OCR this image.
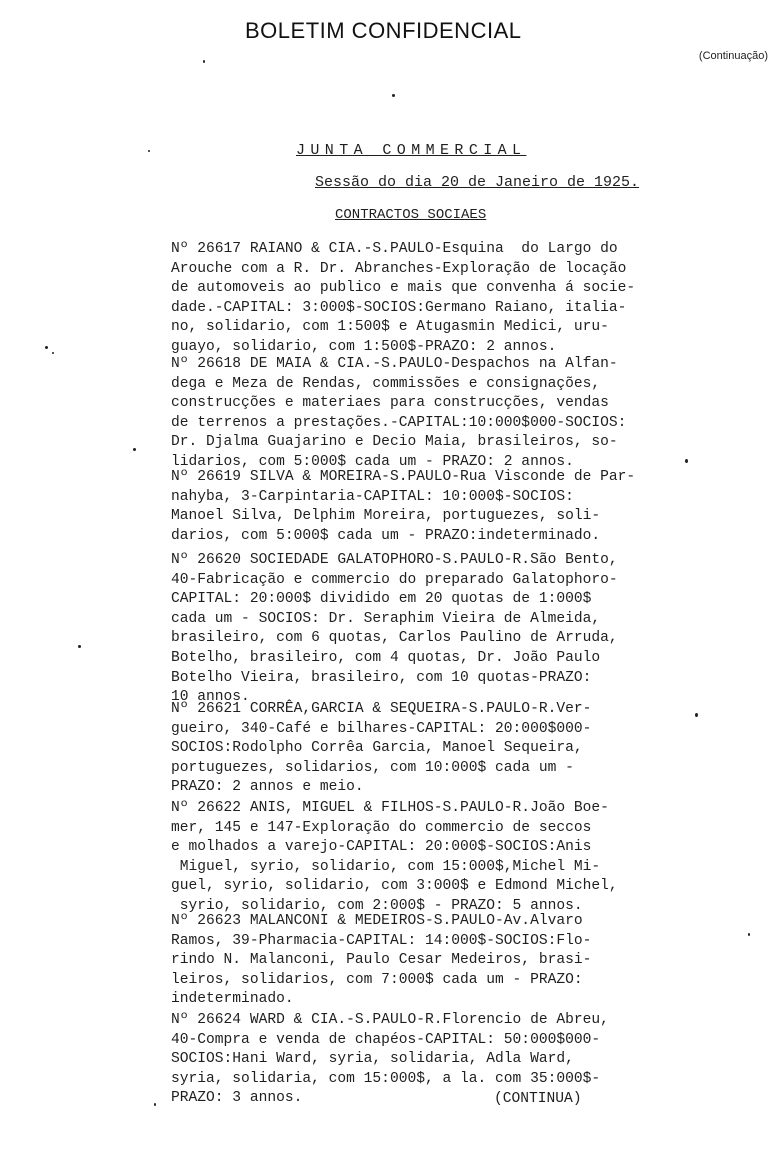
BOLETIM CONFIDENCIAL
(Continuação)
JUNTA COMMERCIAL
Sessão do dia 20 de Janeiro de 1925.
CONTRACTOS SOCIAES
Nº 26617 RAIANO & CIA.-S.PAULO-Esquina  do Largo do
Arouche com a R. Dr. Abranches-Exploração de locação
de automoveis ao publico e mais que convenha á socie-
dade.-CAPITAL: 3:000$-SOCIOS:Germano Raiano, italia-
no, solidario, com 1:500$ e Atugasmin Medici, uru-
guayo, solidario, com 1:500$-PRAZO: 2 annos.
Nº 26618 DE MAIA & CIA.-S.PAULO-Despachos na Alfan-
dega e Meza de Rendas, commissões e consignações,
construcções e materiaes para construcções, vendas
de terrenos a prestações.-CAPITAL:10:000$000-SOCIOS:
Dr. Djalma Guajarino e Decio Maia, brasileiros, so-
lidarios, com 5:000$ cada um - PRAZO: 2 annos.
Nº 26619 SILVA & MOREIRA-S.PAULO-Rua Visconde de Par-
nahyba, 3-Carpintaria-CAPITAL: 10:000$-SOCIOS:
Manoel Silva, Delphim Moreira, portuguezes, soli-
darios, com 5:000$ cada um - PRAZO:indeterminado.
Nº 26620 SOCIEDADE GALATOPHORO-S.PAULO-R.São Bento,
40-Fabricação e commercio do preparado Galatophoro-
CAPITAL: 20:000$ dividido em 20 quotas de 1:000$
cada um - SOCIOS: Dr. Seraphim Vieira de Almeida,
brasileiro, com 6 quotas, Carlos Paulino de Arruda,
Botelho, brasileiro, com 4 quotas, Dr. João Paulo
Botelho Vieira, brasileiro, com 10 quotas-PRAZO:
10 annos.
Nº 26621 CORRÊA,GARCIA & SEQUEIRA-S.PAULO-R.Ver-
gueiro, 340-Café e bilhares-CAPITAL: 20:000$000-
SOCIOS:Rodolpho Corrêa Garcia, Manoel Sequeira,
portuguezes, solidarios, com 10:000$ cada um -
PRAZO: 2 annos e meio.
Nº 26622 ANIS, MIGUEL & FILHOS-S.PAULO-R.João Boe-
mer, 145 e 147-Exploração do commercio de seccos
e molhados a varejo-CAPITAL: 20:000$-SOCIOS:Anis
Miguel, syrio, solidario, com 15:000$,Michel Mi-
guel, syrio, solidario, com 3:000$ e Edmond Michel,
syrio, solidario, com 2:000$ - PRAZO: 5 annos.
Nº 26623 MALANCONI & MEDEIROS-S.PAULO-Av.Alvaro
Ramos, 39-Pharmacia-CAPITAL: 14:000$-SOCIOS:Flo-
rindo N. Malanconi, Paulo Cesar Medeiros, brasi-
leiros, solidarios, com 7:000$ cada um - PRAZO:
indeterminado.
Nº 26624 WARD & CIA.-S.PAULO-R.Florencio de Abreu,
40-Compra e venda de chapéos-CAPITAL: 50:000$000-
SOCIOS:Hani Ward, syria, solidaria, Adla Ward,
syria, solidaria, com 15:000$, a la. com 35:000$-
PRAZO: 3 annos.	(CONTINUA)
